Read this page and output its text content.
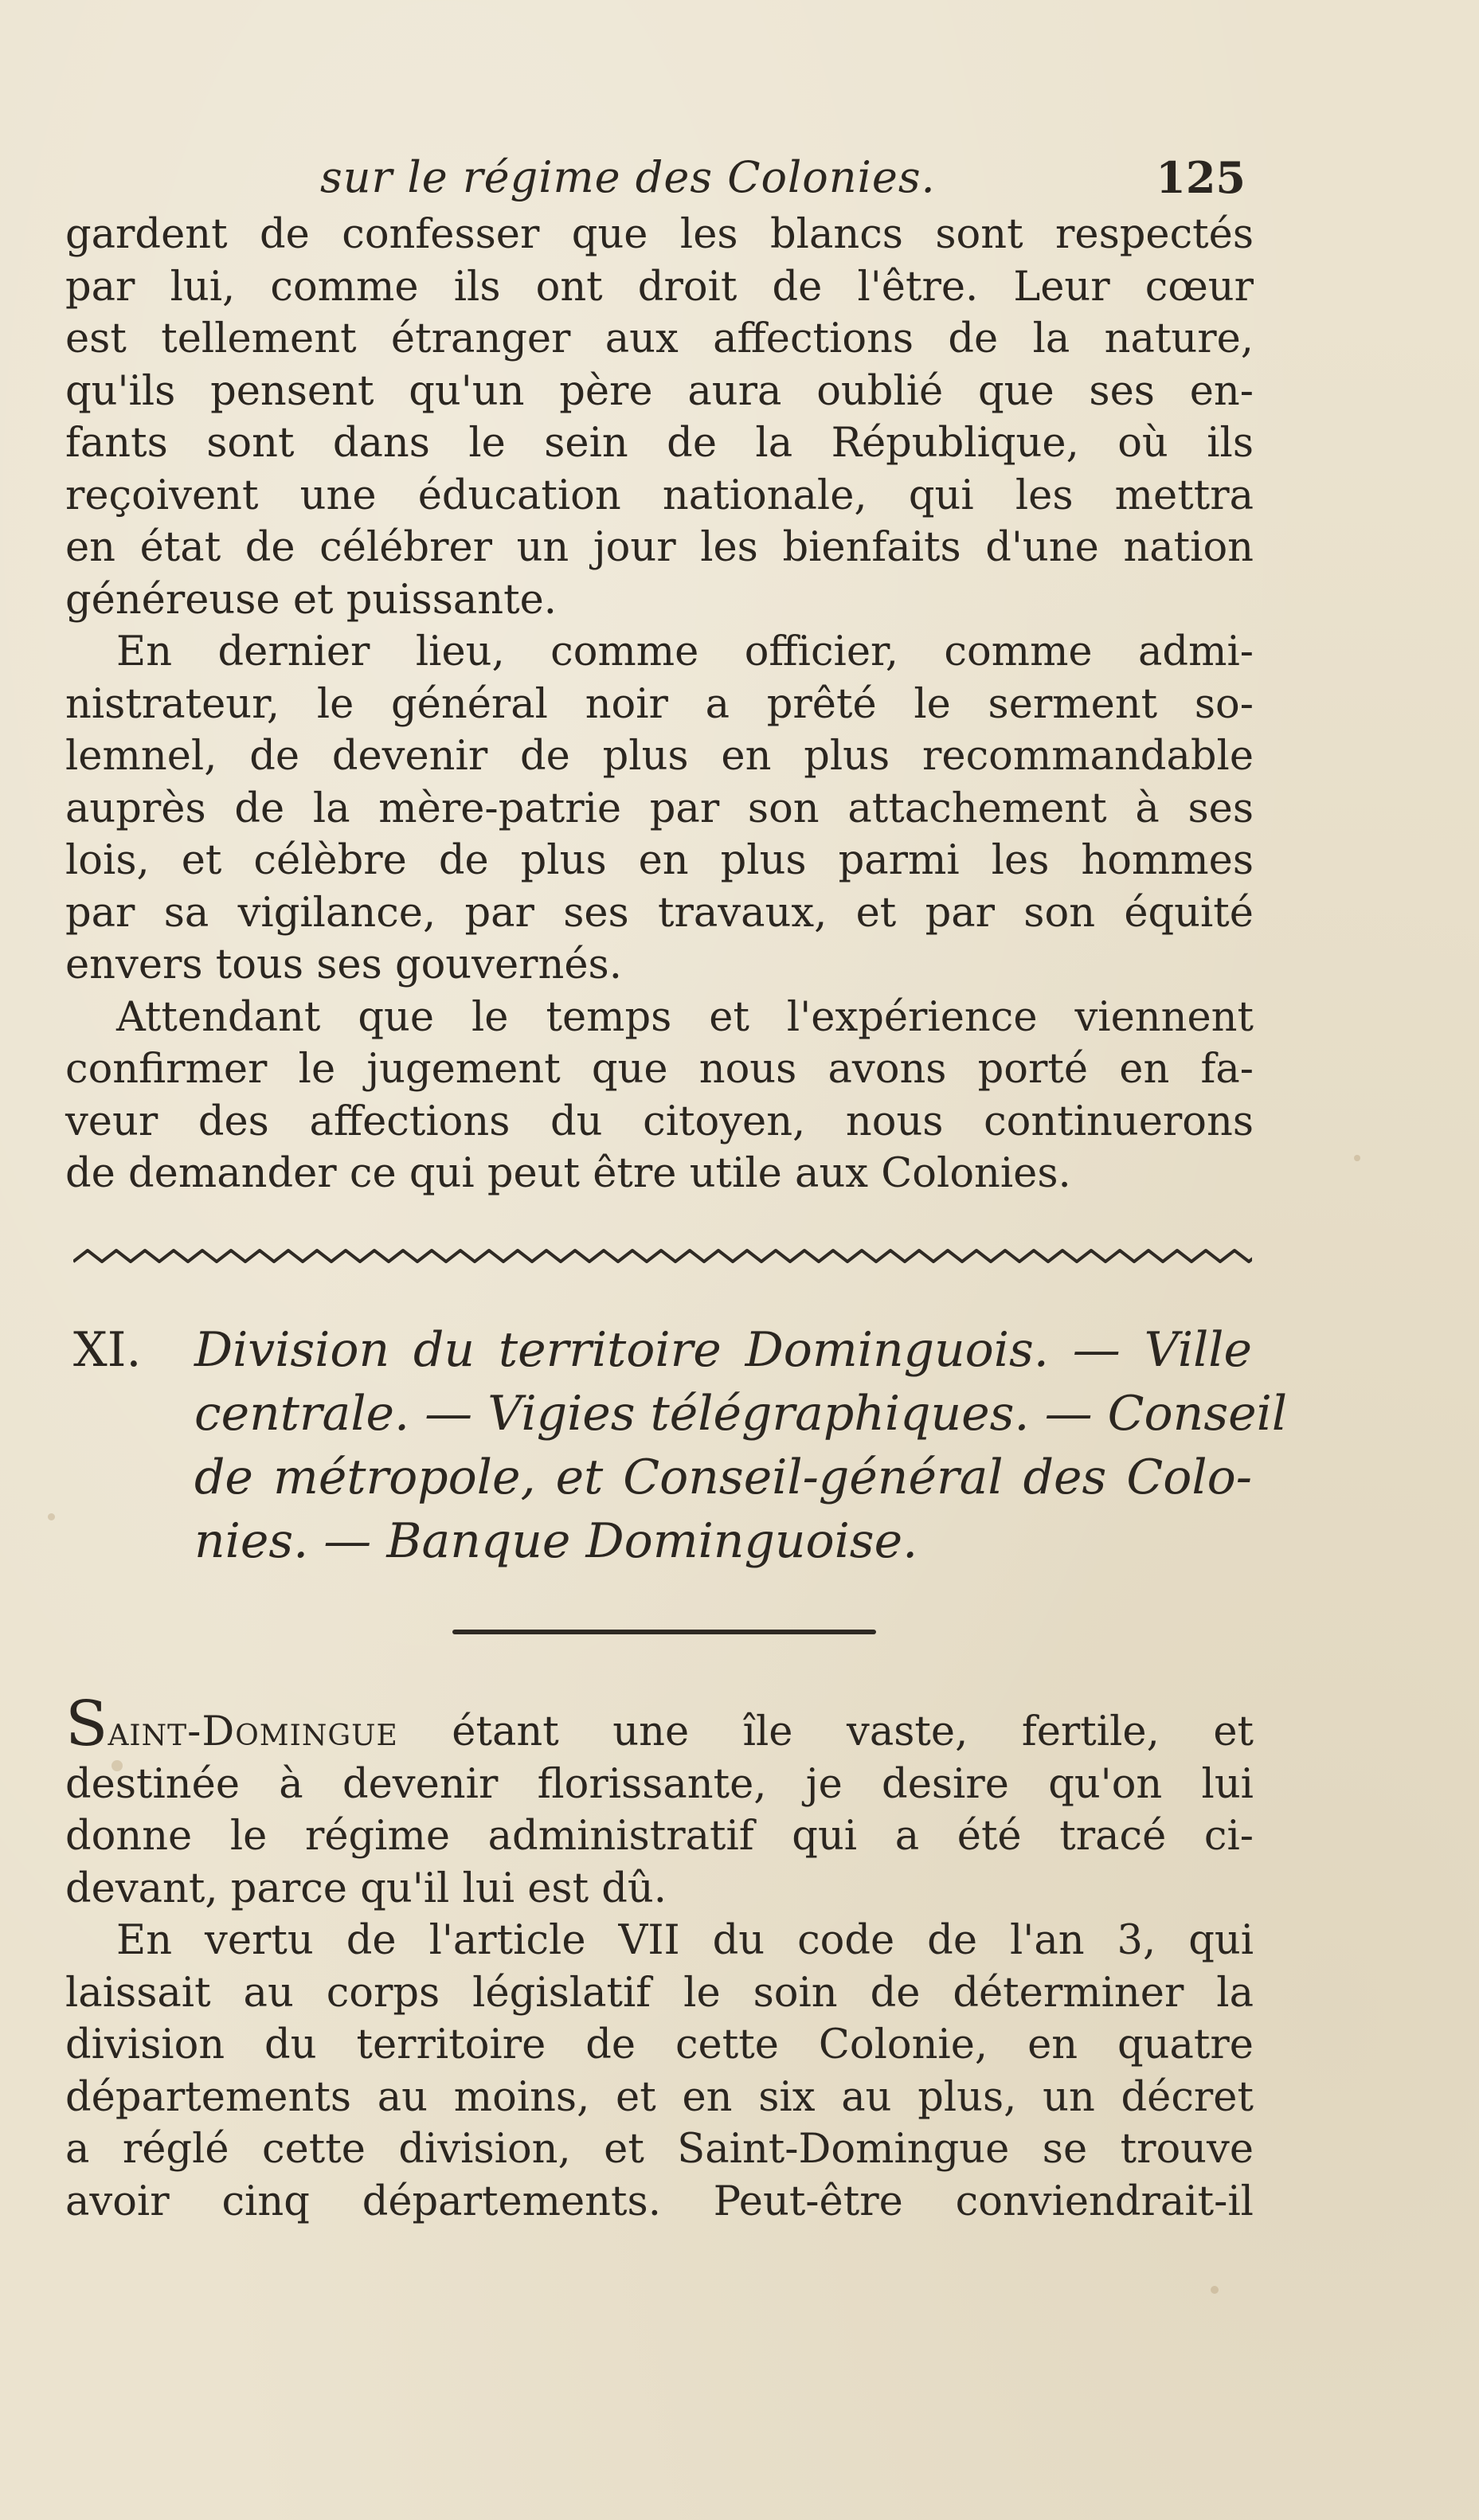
sur le régime des Colonies.	125

gardent de confesser que les blancs sont respectés
par lui, comme ils ont droit de l'être. Leur cœur
est tellement étranger aux affections de la nature,
qu'ils pensent qu'un père aura oublié que ses en-
fants sont dans le sein de la République, où ils
reçoivent une éducation nationale, qui les mettra
en état de célébrer un jour les bienfaits d'une nation
généreuse et puissante.

En dernier lieu, comme officier, comme admi-
nistrateur, le général noir a prêté le serment so-
lemnel, de devenir de plus en plus recommandable
auprès de la mère-patrie par son attachement à ses
lois, et célèbre de plus en plus parmi les hommes
par sa vigilance, par ses travaux, et par son équité
envers tous ses gouvernés.

Attendant que le temps et l'expérience viennent
confirmer le jugement que nous avons porté en fa-
veur des affections du citoyen, nous continuerons
de demander ce qui peut être utile aux Colonies.

XI. Division du territoire Dominguois. — Ville
centrale. — Vigies télégraphiques. — Conseil
de métropole, et Conseil-général des Colo-
nies. — Banque Dominguoise.

Saint-Domingue étant une île vaste, fertile, et
destinée à devenir florissante, je desire qu'on lui
donne le régime administratif qui a été tracé ci-
devant, parce qu'il lui est dû.

En vertu de l'article VII du code de l'an 3, qui
laissait au corps législatif le soin de déterminer la
division du territoire de cette Colonie, en quatre
départements au moins, et en six au plus, un décret
a réglé cette division, et Saint-Domingue se trouve
avoir cinq départements. Peut-être conviendrait-il
